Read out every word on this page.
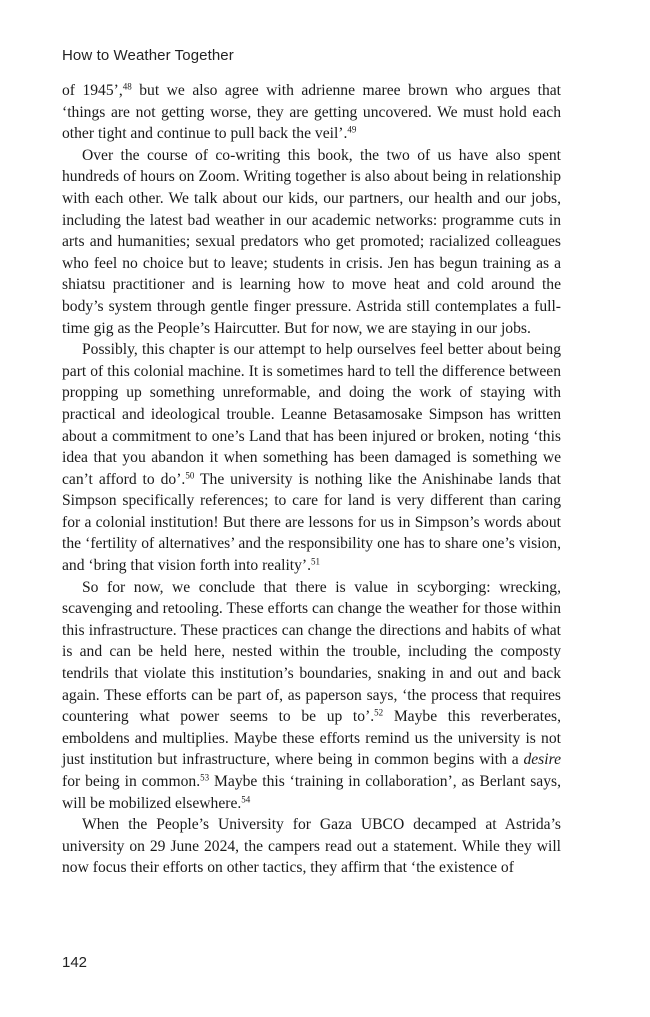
How to Weather Together

of 1945’,$^{48}$ but we also agree with adrienne maree brown who argues that ‘things are not getting worse, they are getting uncovered. We must hold each other tight and continue to pull back the veil’.$^{49}$

Over the course of co-writing this book, the two of us have also spent hundreds of hours on Zoom. Writing together is also about being in relationship with each other. We talk about our kids, our partners, our health and our jobs, including the latest bad weather in our academic networks: programme cuts in arts and humanities; sexual predators who get promoted; racialized colleagues who feel no choice but to leave; students in crisis. Jen has begun training as a shiatsu practitioner and is learning how to move heat and cold around the body’s system through gentle finger pressure. Astrida still contemplates a full-time gig as the People’s Haircutter. But for now, we are staying in our jobs.

Possibly, this chapter is our attempt to help ourselves feel better about being part of this colonial machine. It is sometimes hard to tell the difference between propping up something unreformable, and doing the work of staying with practical and ideological trouble. Leanne Betasamosake Simpson has written about a commitment to one’s Land that has been injured or broken, noting ‘this idea that you abandon it when something has been damaged is something we can’t afford to do’.$^{50}$ The university is nothing like the Anishinabe lands that Simpson specifically references; to care for land is very different than caring for a colonial institution! But there are lessons for us in Simpson’s words about the ‘fertility of alternatives’ and the responsibility one has to share one’s vision, and ‘bring that vision forth into reality’.$^{51}$

So for now, we conclude that there is value in scyborging: wrecking, scavenging and retooling. These efforts can change the weather for those within this infrastructure. These practices can change the directions and habits of what is and can be held here, nested within the trouble, including the composty tendrils that violate this institution’s boundaries, snaking in and out and back again. These efforts can be part of, as paperson says, ‘the process that requires countering what power seems to be up to’.$^{52}$ Maybe this reverberates, emboldens and multiplies. Maybe these efforts remind us the university is not just institution but infrastructure, where being in common begins with a desire for being in common.$^{53}$ Maybe this ‘training in collaboration’, as Berlant says, will be mobilized elsewhere.$^{54}$

When the People’s University for Gaza UBCO decamped at Astrida’s university on 29 June 2024, the campers read out a statement. While they will now focus their efforts on other tactics, they affirm that ‘the existence of

142
